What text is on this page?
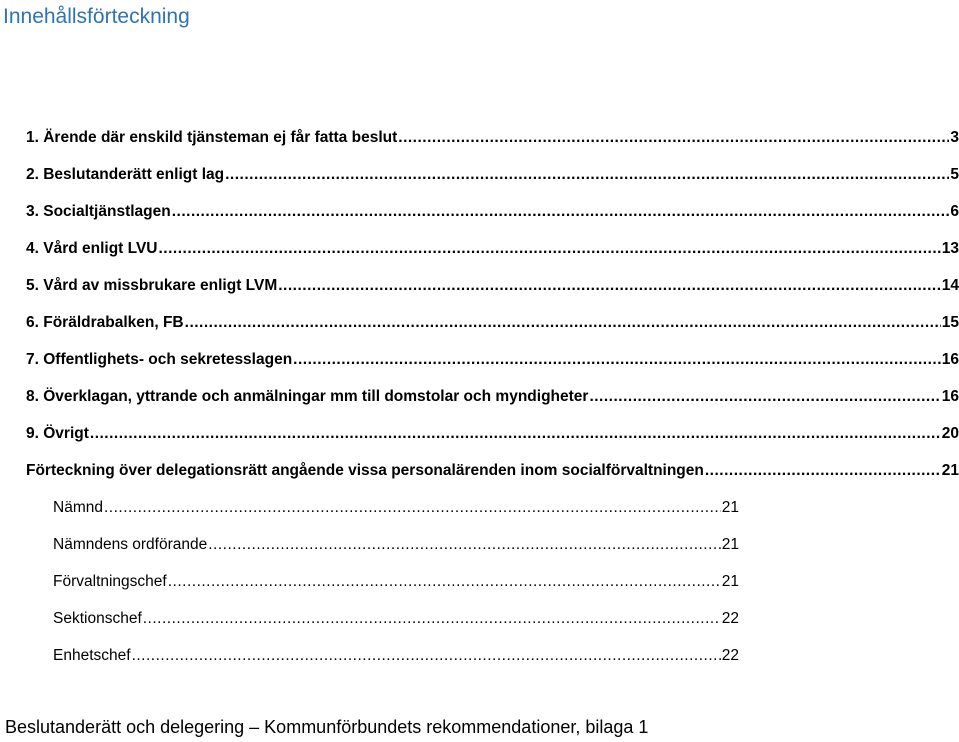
Innehållsförteckning
1. Ärende där enskild tjänsteman ej får fatta beslut .....	3
2. Beslutanderätt enligt lag .....	5
3. Socialtjänstlagen .....	6
4. Vård enligt LVU .....	13
5. Vård av missbrukare enligt LVM .....	14
6. Föräldrabalken, FB .....	15
7. Offentlighets- och sekretesslagen .....	16
8. Överklagan, yttrande och anmälningar mm till domstolar och myndigheter .....	16
9. Övrigt .....	20
Förteckning över delegationsrätt angående vissa personalärenden inom socialförvaltningen .....	21
Nämnd .....	21
Nämndens ordförande .....	21
Förvaltningschef .....	21
Sektionschef .....	22
Enhetschef .....	22
Beslutanderätt och delegering – Kommunförbundets rekommendationer, bilaga 1
